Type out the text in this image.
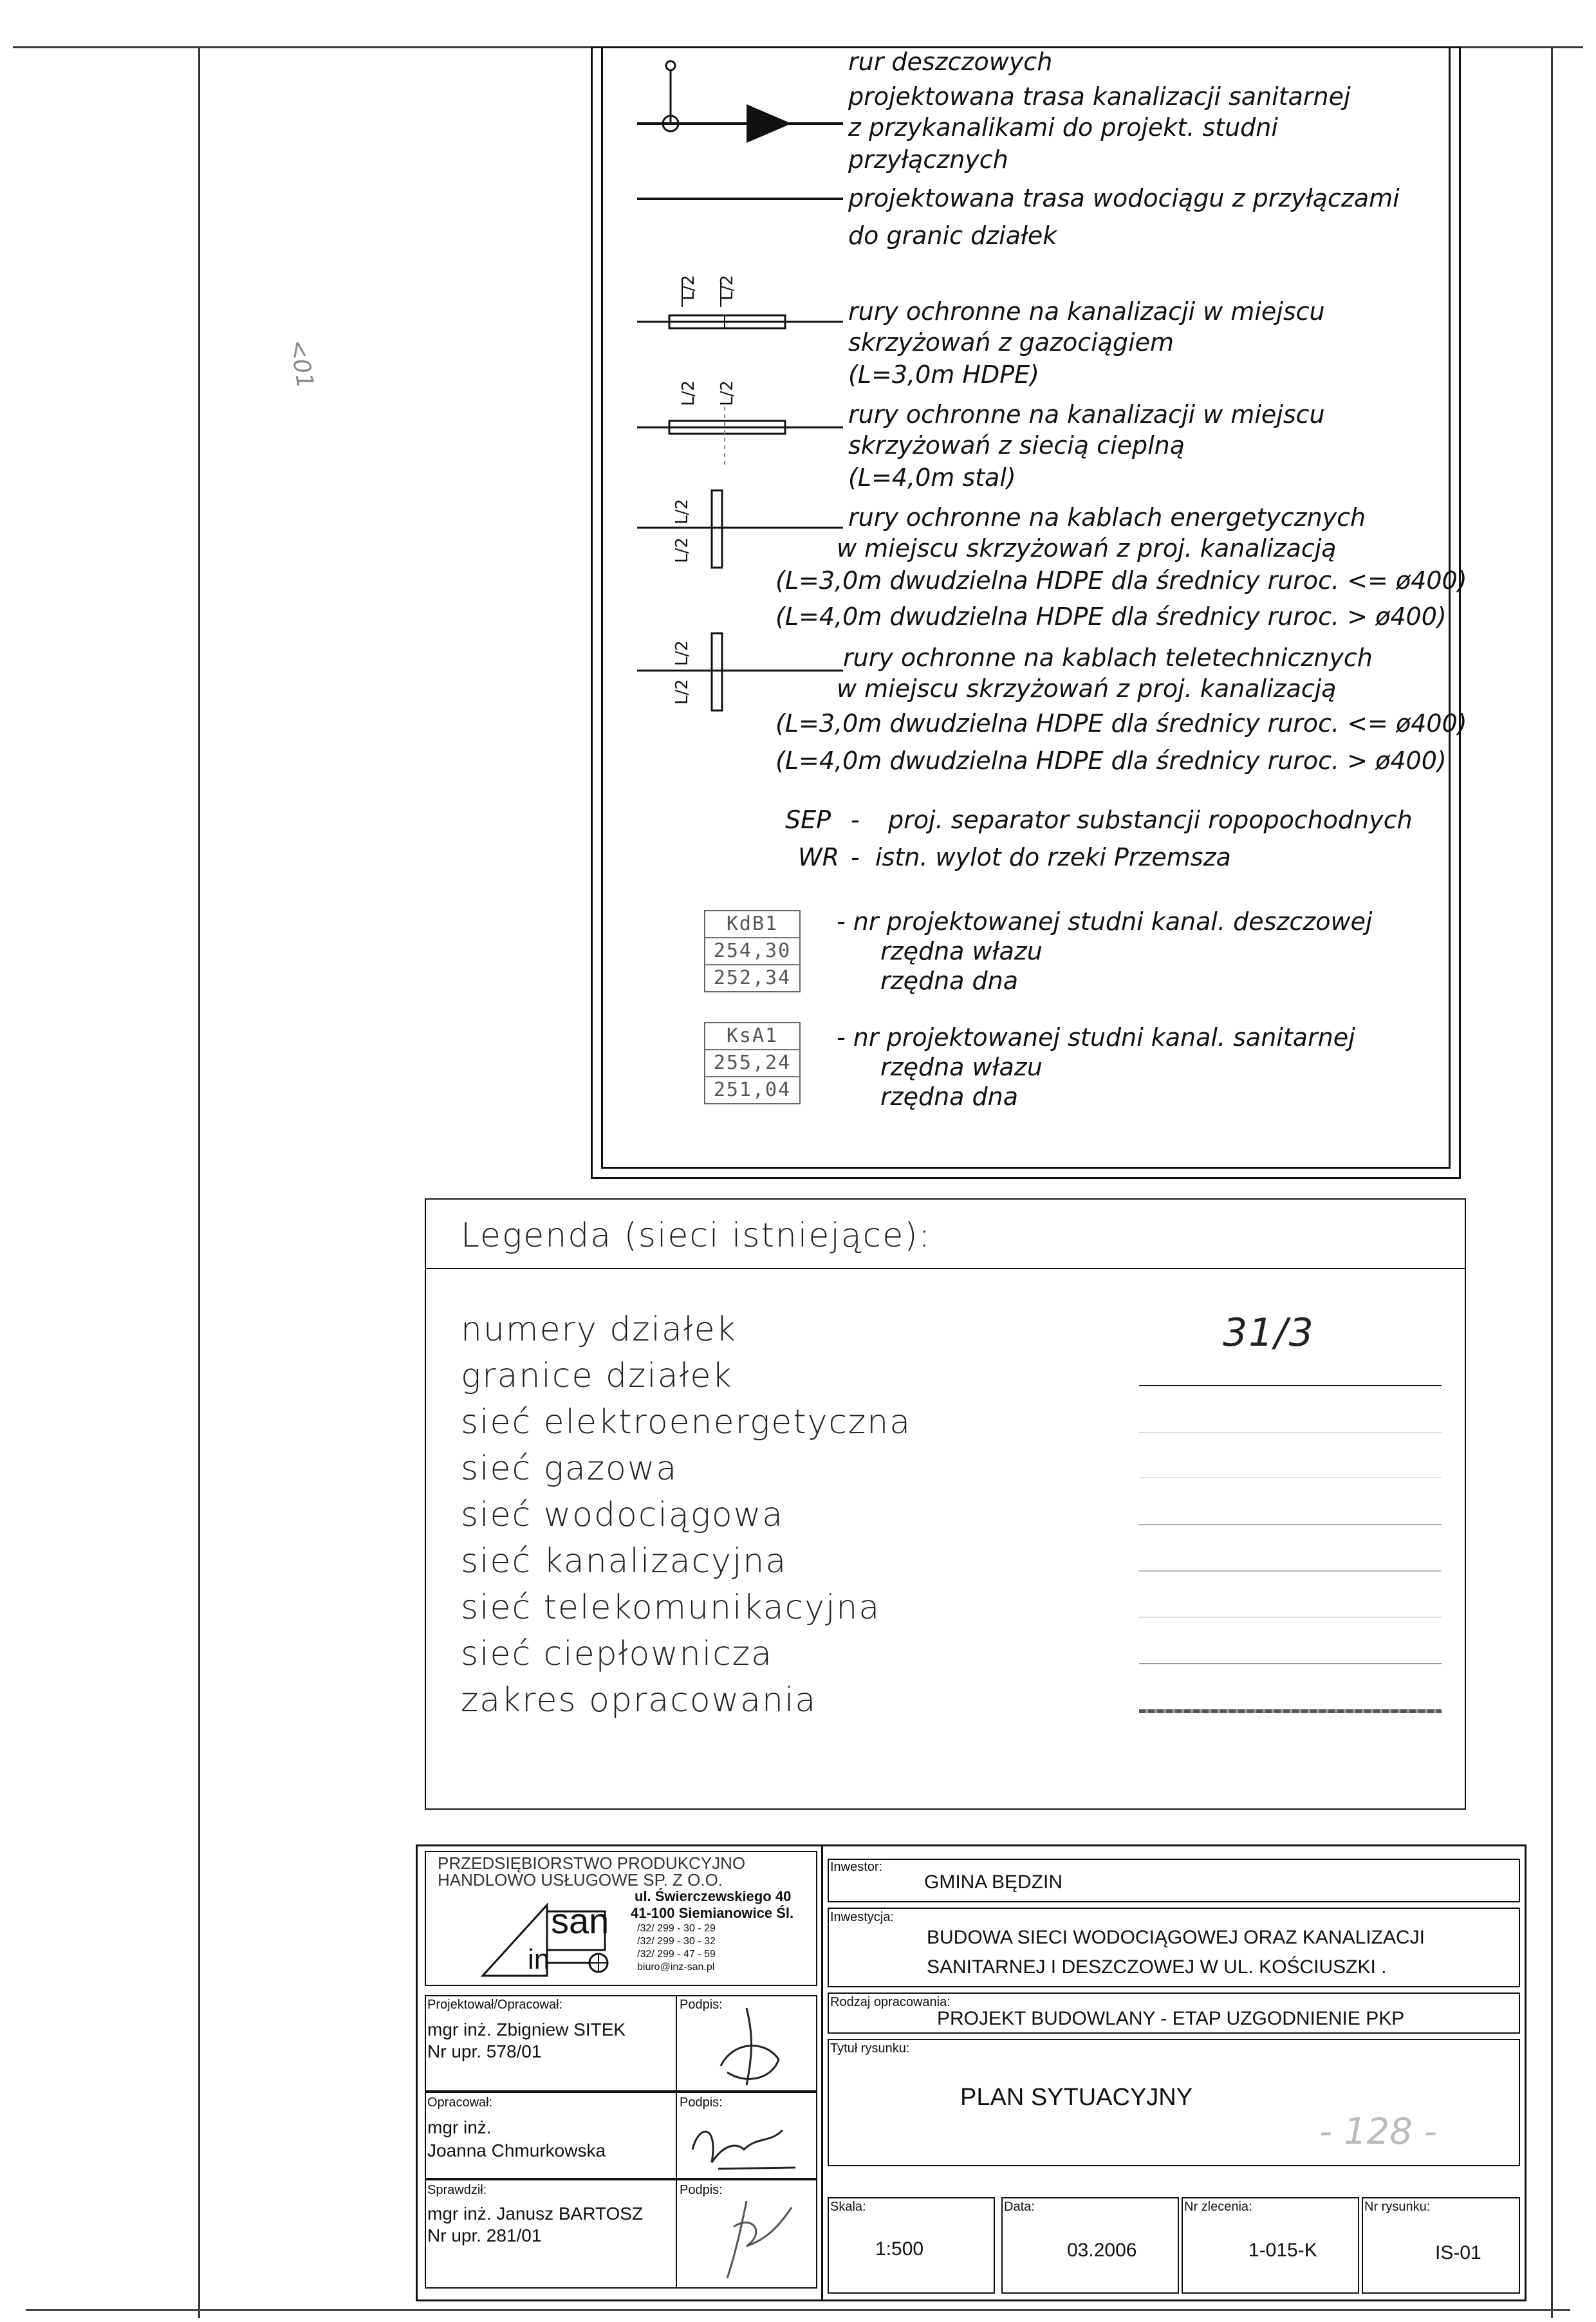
<01
L/2 L/2
L/2 L/2
L/2
L/2
L/2
L/2
rur deszczowych
projektowana trasa kanalizacji sanitarnej
z przykanalikami do projekt. studni
przyłącznych
projektowana trasa wodociągu z przyłączami
do granic działek
rury ochronne na kanalizacji w miejscu
skrzyżowań z gazociągiem
(L=3,0m HDPE)
rury ochronne na kanalizacji w miejscu
skrzyżowań z siecią cieplną
(L=4,0m stal)
rury ochronne na kablach energetycznych
w miejscu skrzyżowań z proj. kanalizacją
(L=3,0m dwudzielna HDPE dla średnicy ruroc. <= ø400)
(L=4,0m dwudzielna HDPE dla średnicy ruroc. > ø400)
rury ochronne na kablach teletechnicznych
w miejscu skrzyżowań z proj. kanalizacją
(L=3,0m dwudzielna HDPE dla średnicy ruroc. <= ø400)
(L=4,0m dwudzielna HDPE dla średnicy ruroc. > ø400)
SEP - proj. separator substancji ropopochodnych
WR - istn. wylot do rzeki Przemsza
KdB1
254,30
252,34
- nr projektowanej studni kanal. deszczowej
rzędna włazu
rzędna dna
KsA1
255,24
251,04
- nr projektowanej studni kanal. sanitarnej
rzędna włazu
rzędna dna
Legenda (sieci istniejące):
numery działek
granice działek
sieć elektroenergetyczna
sieć gazowa
sieć wodociągowa
sieć kanalizacyjna
sieć telekomunikacyjna
sieć ciepłownicza
zakres opracowania
31/3
PRZEDSIĘBIORSTWO PRODUKCYJNO
HANDLOWO USŁUGOWE SP. Z O.O.
san
in
ul. Świerczewskiego 40
41-100 Siemianowice Śl.
/32/ 299 - 30 - 29
/32/ 299 - 30 - 32
/32/ 299 - 47 - 59
biuro@inz-san.pl
Projektował/Opracował:
mgr inż. Zbigniew SITEK
Nr upr. 578/01
Podpis:
Opracował:
mgr inż.
Joanna Chmurkowska
Podpis:
Sprawdził:
mgr inż. Janusz BARTOSZ
Nr upr. 281/01
Podpis:
Inwestor:
GMINA BĘDZIN
Inwestycja:
BUDOWA SIECI WODOCIĄGOWEJ ORAZ KANALIZACJI
SANITARNEJ I DESZCZOWEJ W UL. KOŚCIUSZKI .
Rodzaj opracowania:
PROJEKT BUDOWLANY - ETAP UZGODNIENIE PKP
Tytuł rysunku:
PLAN SYTUACYJNY
- 128 -
Skala:
1:500
Data:
03.2006
Nr zlecenia:
1-015-K
Nr rysunku:
IS-01
